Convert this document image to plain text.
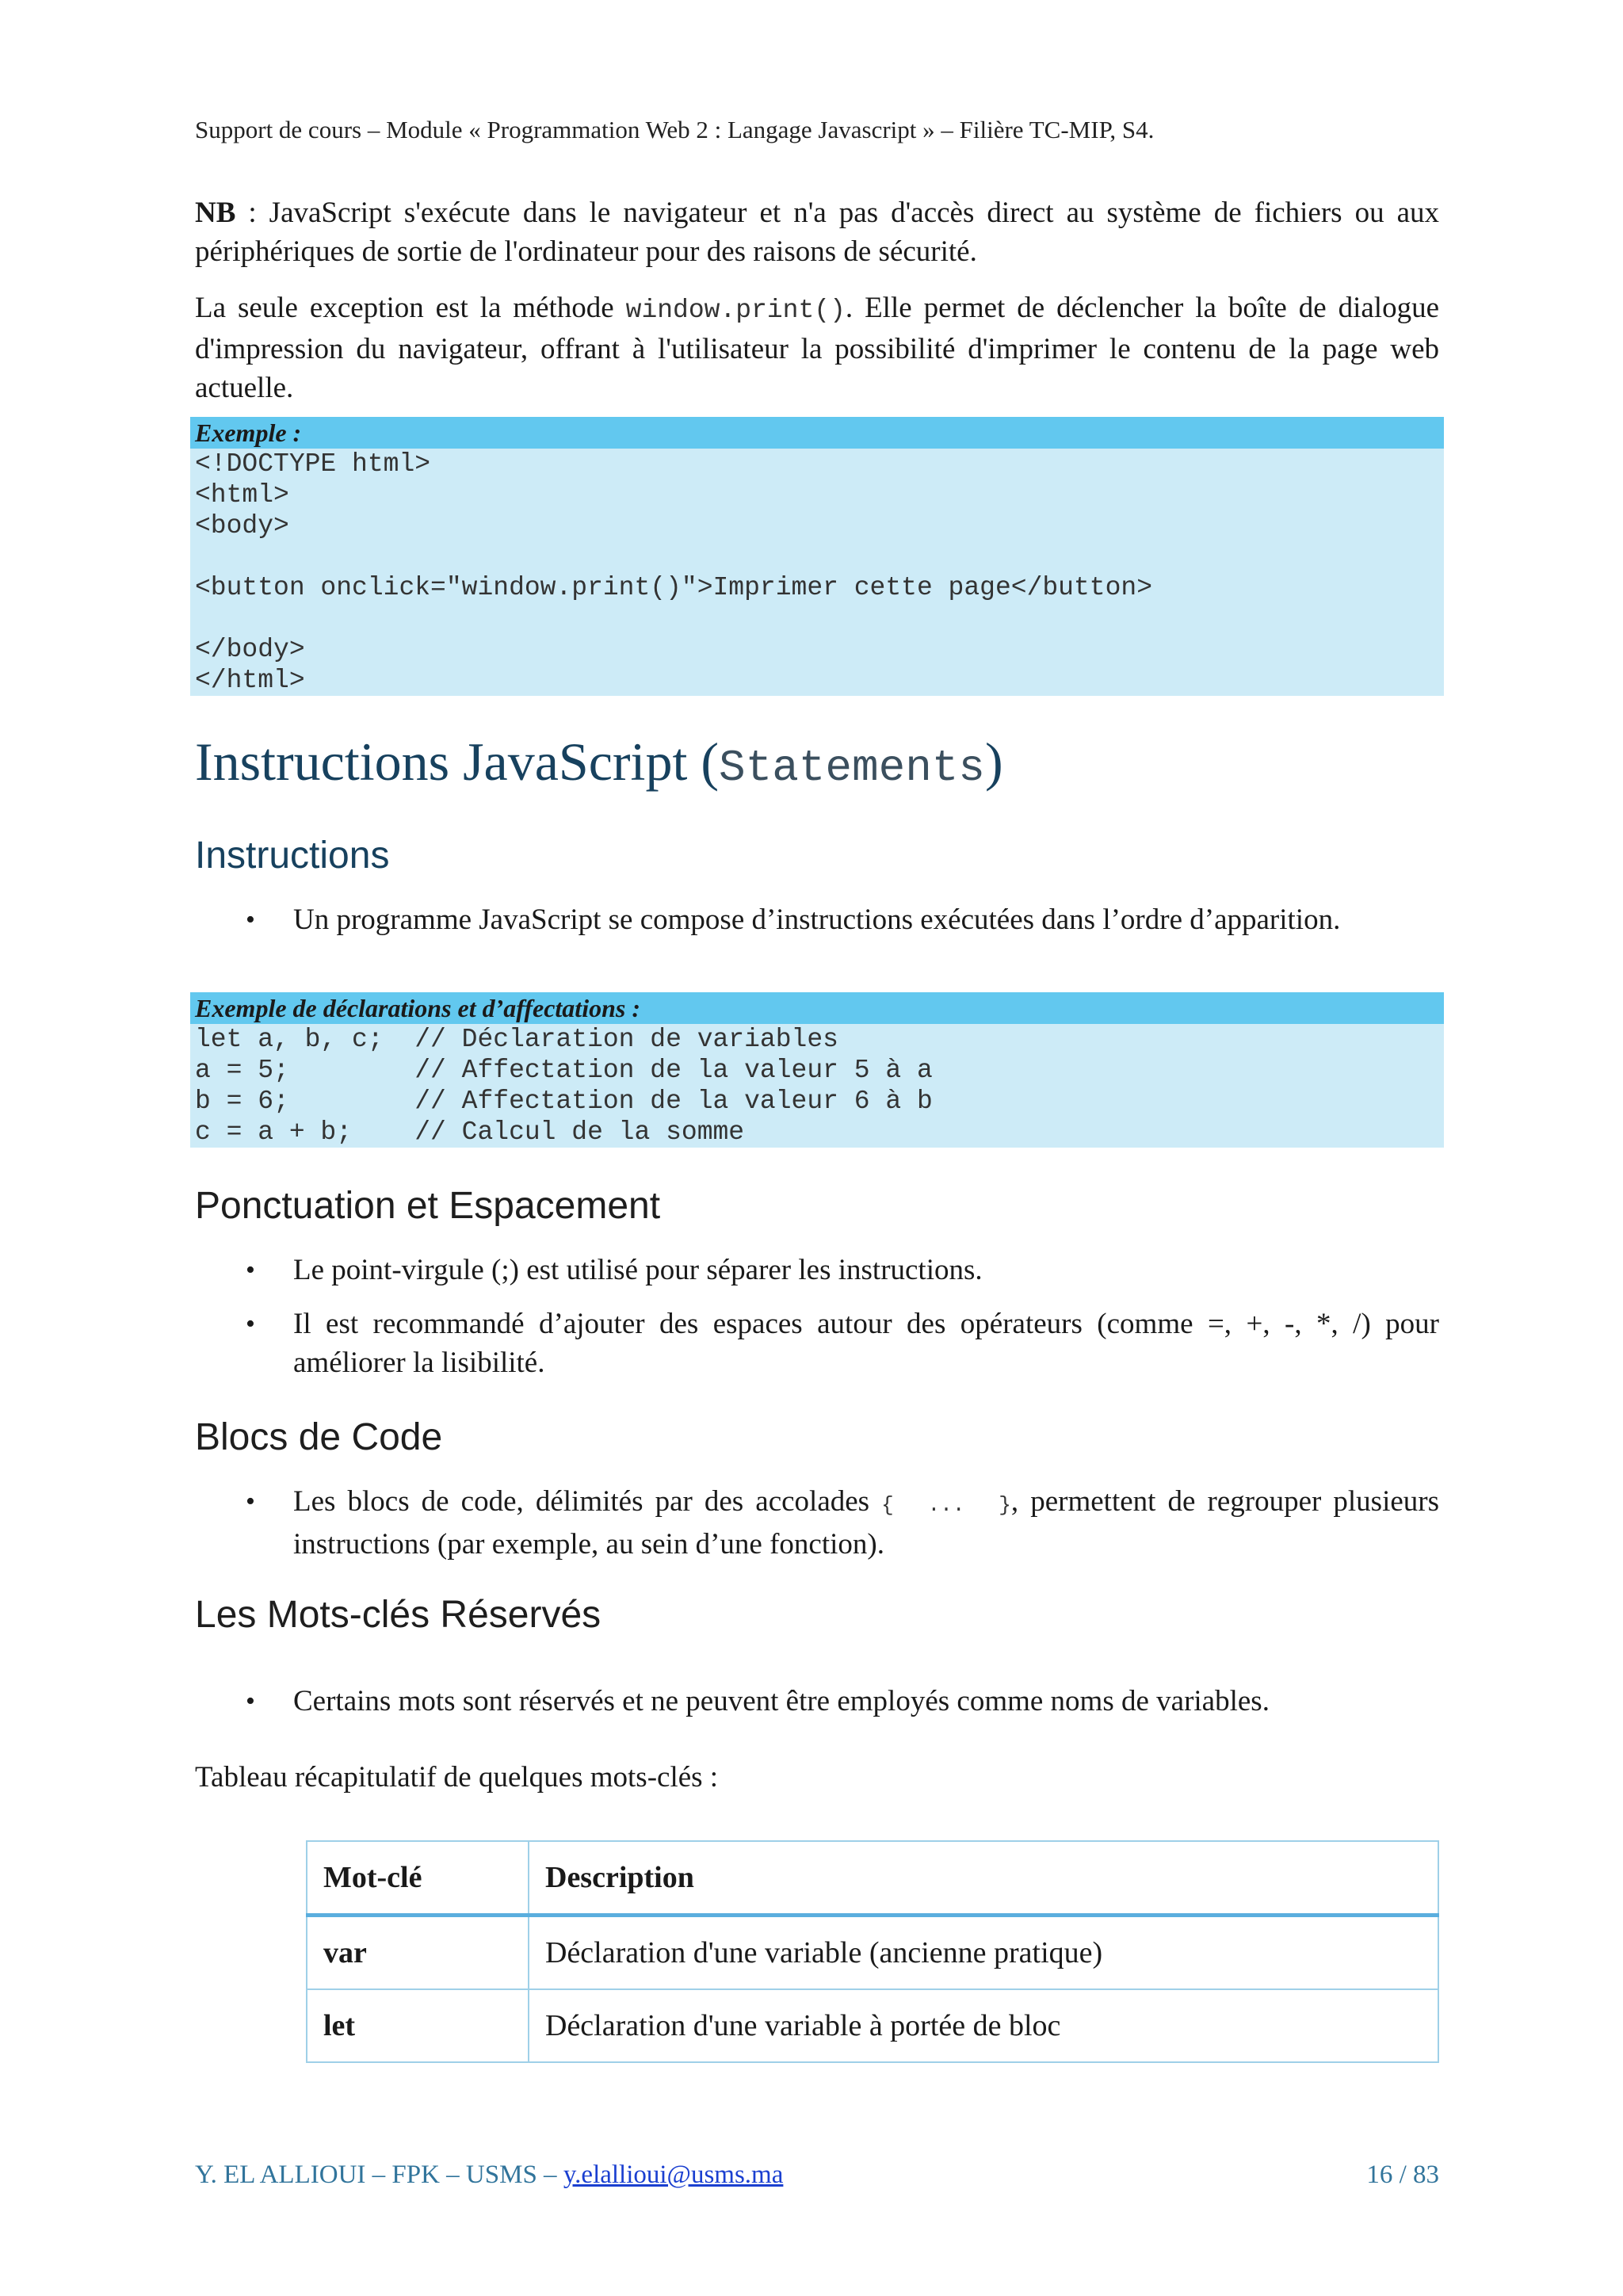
Support de cours – Module « Programmation Web 2 : Langage Javascript » – Filière TC-MIP, S4.

NB : JavaScript s'exécute dans le navigateur et n'a pas d'accès direct au système de fichiers ou aux périphériques de sortie de l'ordinateur pour des raisons de sécurité.

La seule exception est la méthode window.print(). Elle permet de déclencher la boîte de dialogue d'impression du navigateur, offrant à l'utilisateur la possibilité d'imprimer le contenu de la page web actuelle.

Exemple :
<!DOCTYPE html>
<html>
<body>

<button onclick="window.print()">Imprimer cette page</button>

</body>
</html>
Instructions JavaScript (Statements)
Instructions
• Un programme JavaScript se compose d’instructions exécutées dans l’ordre d’apparition.
Exemple de déclarations et d’affectations :
let a, b, c;  // Déclaration de variables
a = 5;        // Affectation de la valeur 5 à a
b = 6;        // Affectation de la valeur 6 à b
c = a + b;    // Calcul de la somme
Ponctuation et Espacement
• Le point-virgule (;) est utilisé pour séparer les instructions.
• Il est recommandé d’ajouter des espaces autour des opérateurs (comme =, +, -, *, /) pour améliorer la lisibilité.
Blocs de Code
• Les blocs de code, délimités par des accolades {  ...  }, permettent de regrouper plusieurs instructions (par exemple, au sein d’une fonction).
Les Mots-clés Réservés
• Certains mots sont réservés et ne peuvent être employés comme noms de variables.

Tableau récapitulatif de quelques mots-clés :

Mot-clé	Description
var	Déclaration d'une variable (ancienne pratique)
let	Déclaration d'une variable à portée de bloc
Y. EL ALLIOUI – FPK – USMS – y.elallioui@usms.ma	16 / 83
